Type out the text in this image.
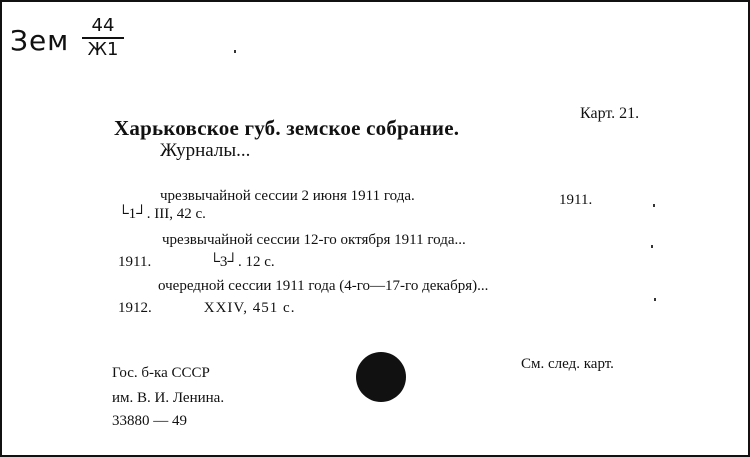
Зем	44
Ж1
Карт. 21.
Харьковское губ. земское собрание.
Журналы...
чрезвычайной сессии 2 июня 1911 года.	1911.
└1┘. III, 42 с.
чрезвычайной сессии 12-го октября 1911 года...
1911.	└3┘. 12 с.
очередной сессии 1911 года (4-го—17-го декабря)...
1912.	XXIV, 451 с.
Гос. б-ка СССР
им. В. И. Ленина.
33880 — 49
См. след. карт.
